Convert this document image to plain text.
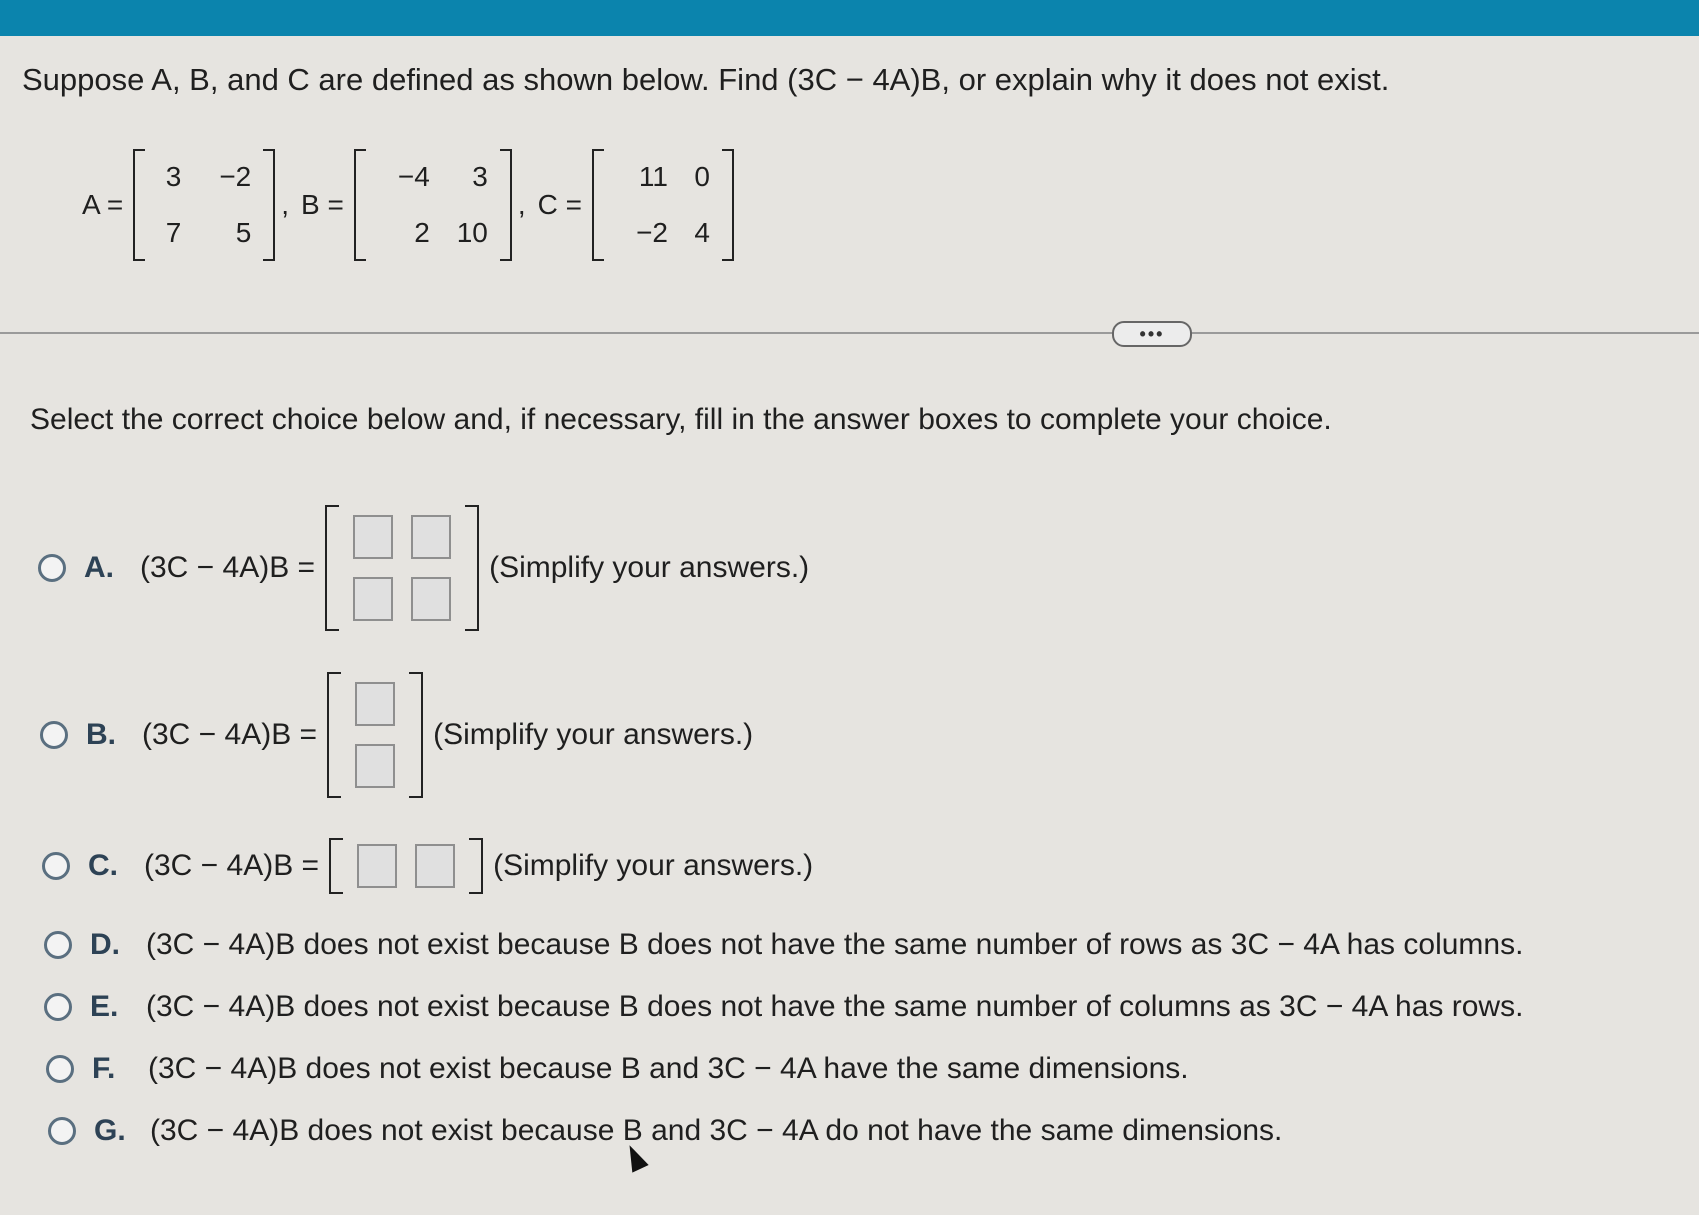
Suppose A, B, and C are defined as shown below. Find (3C − 4A)B, or explain why it does not exist.
A =
3	−2
7	5
, B =
−4	3
2 10
, C =
11 0
−2 4
•••
Select the correct choice below and, if necessary, fill in the answer boxes to complete your choice.
A. (3C − 4A)B =	(Simplify your answers.)
B. (3C − 4A)B =	(Simplify your answers.)
C. (3C − 4A)B =	(Simplify your answers.)
D. (3C − 4A)B does not exist because B does not have the same number of rows as 3C − 4A has columns.
E. (3C − 4A)B does not exist because B does not have the same number of columns as 3C − 4A has rows.
F.	(3C − 4A)B does not exist because B and 3C − 4A have the same dimensions.
G. (3C − 4A)B does not exist because B and 3C − 4A do not have the same dimensions.
